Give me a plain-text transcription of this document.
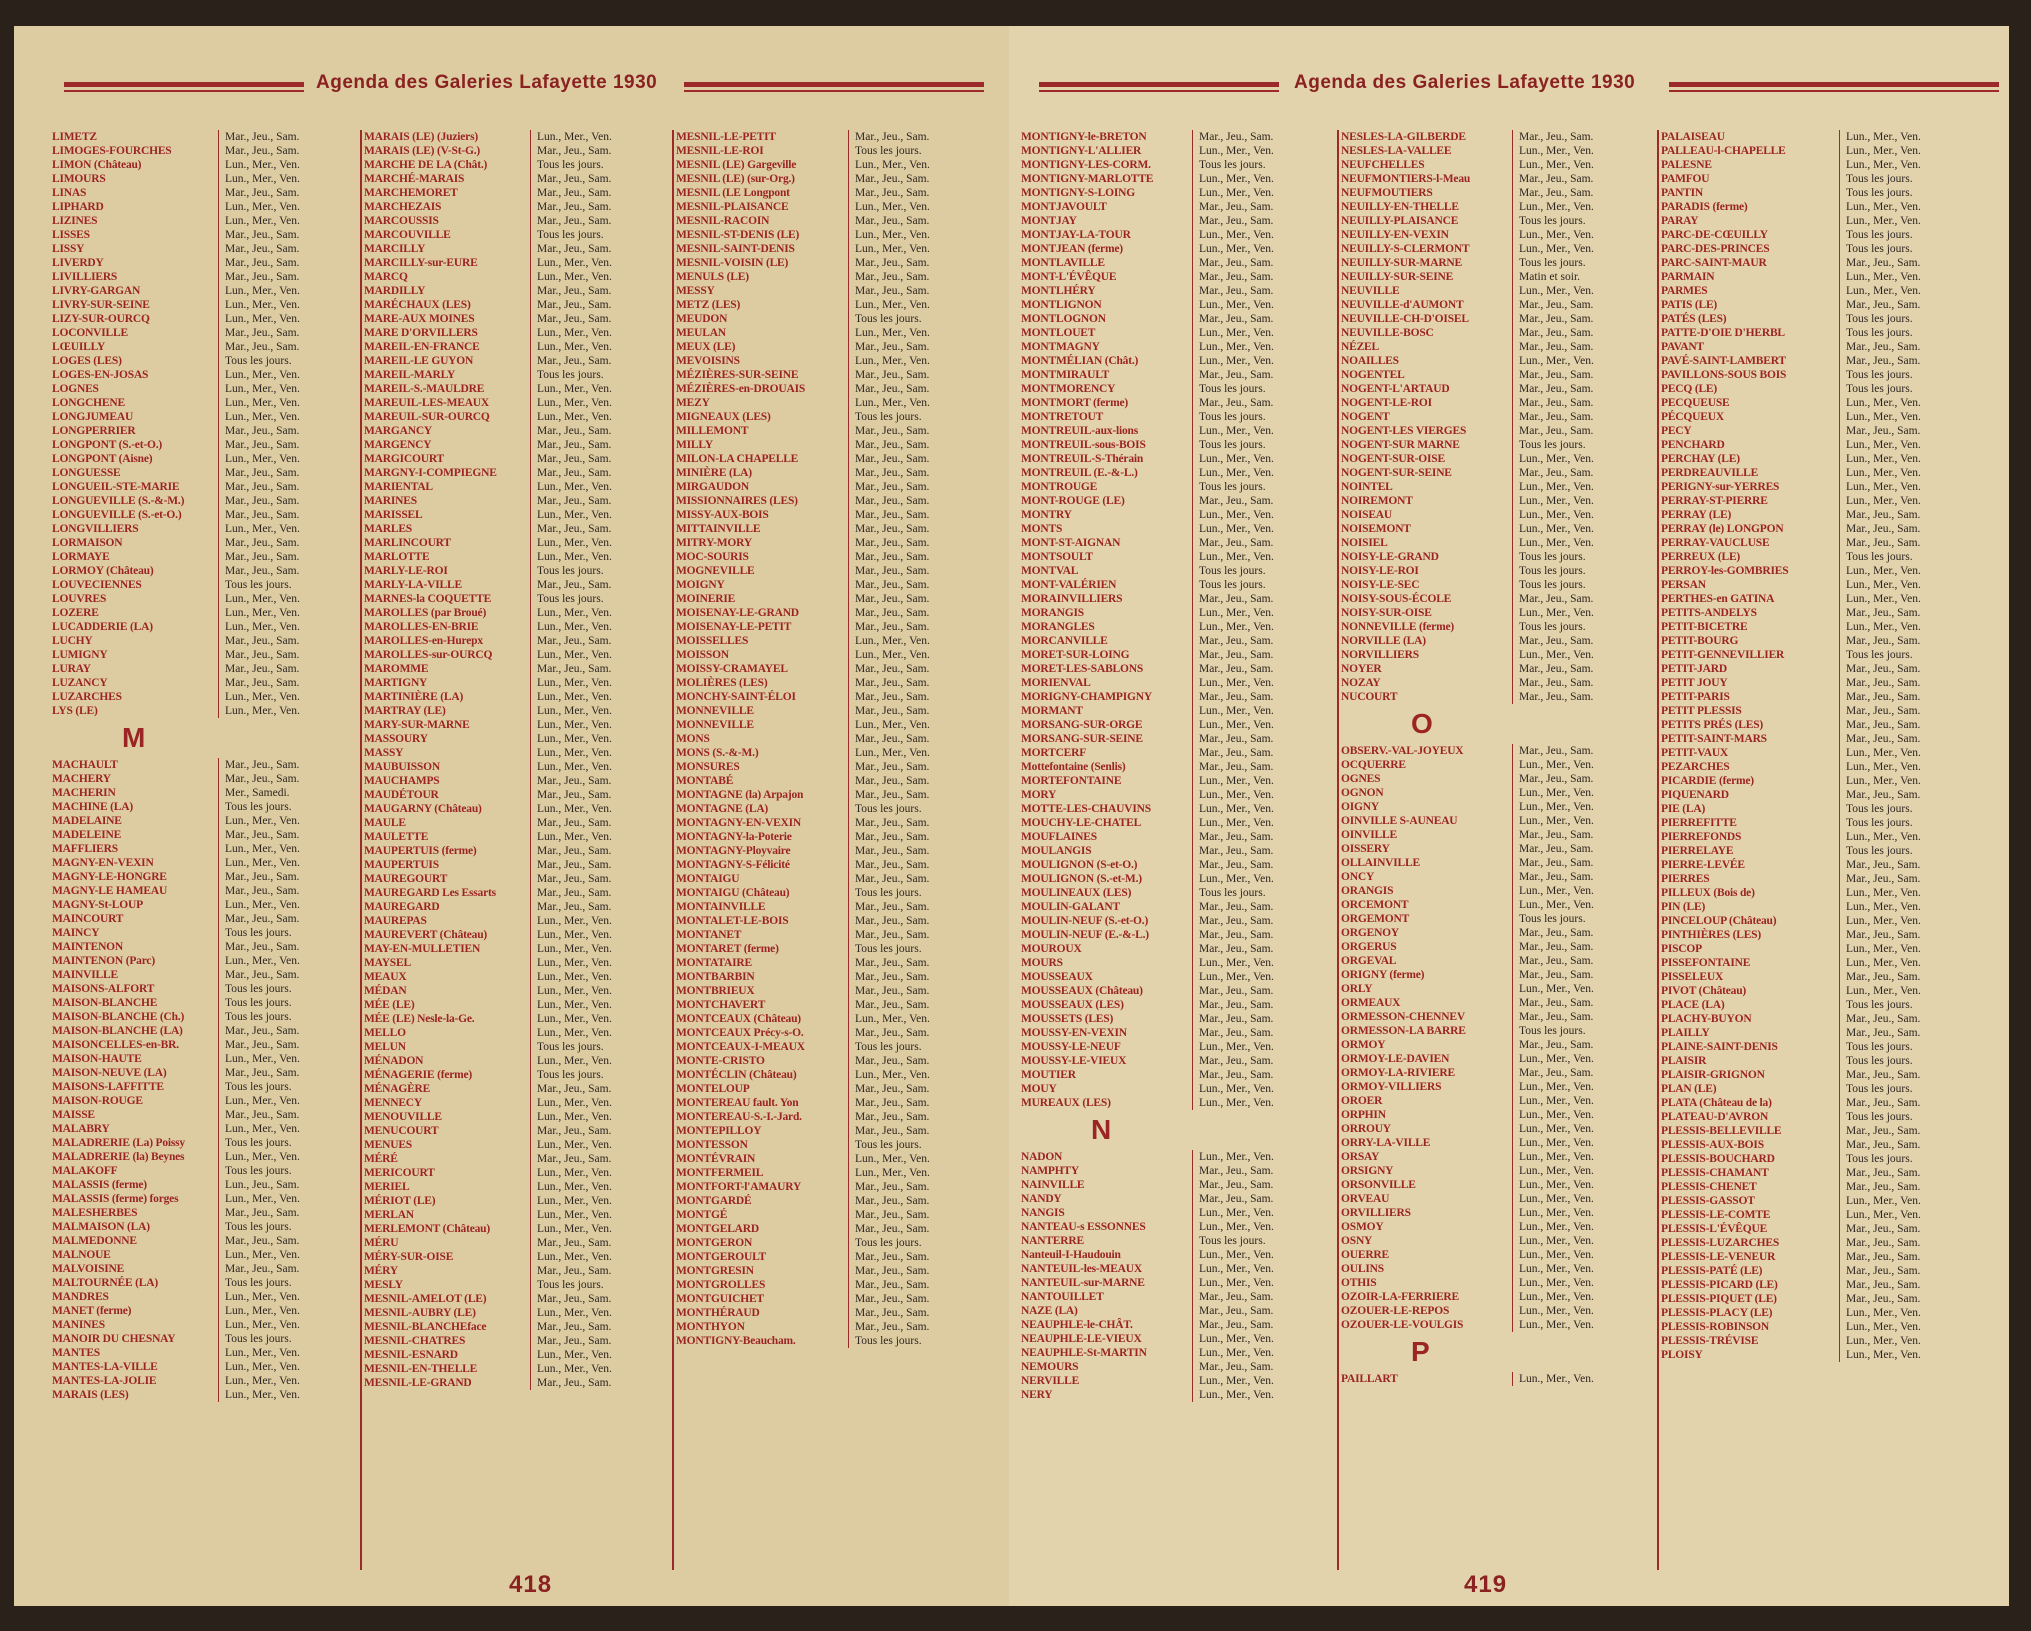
Agenda des Galeries Lafayette 1930
LIMETZ	Mar., Jeu., Sam.
LIMOGES-FOURCHES	Mar., Jeu., Sam.
LIMON (Château)	Lun., Mer., Ven.
LIMOURS	Lun., Mer., Ven.
LINAS	Mar., Jeu., Sam.
LIPHARD	Lun., Mer., Ven.
LIZINES	Lun., Mer., Ven.
LISSES	Mar., Jeu., Sam.
LISSY	Mar., Jeu., Sam.
LIVERDY	Mar., Jeu., Sam.
LIVILLIERS	Mar., Jeu., Sam.
LIVRY-GARGAN	Lun., Mer., Ven.
LIVRY-SUR-SEINE	Lun., Mer., Ven.
LIZY-SUR-OURCQ	Lun., Mer., Ven.
LOCONVILLE	Mar., Jeu., Sam.
LŒUILLY	Mar., Jeu., Sam.
LOGES (LES)	Tous les jours.
LOGES-EN-JOSAS	Lun., Mer., Ven.
LOGNES	Lun., Mer., Ven.
LONGCHENE	Lun., Mer., Ven.
LONGJUMEAU	Lun., Mer., Ven.
LONGPERRIER	Mar., Jeu., Sam.
LONGPONT (S.-et-O.)	Mar., Jeu., Sam.
LONGPONT (Aisne)	Lun., Mer., Ven.
LONGUESSE	Mar., Jeu., Sam.
LONGUEIL-STE-MARIE	Mar., Jeu., Sam.
LONGUEVILLE (S.-&-M.)	Mar., Jeu., Sam.
LONGUEVILLE (S.-et-O.)	Mar., Jeu., Sam.
LONGVILLIERS	Lun., Mer., Ven.
LORMAISON	Mar., Jeu., Sam.
LORMAYE	Mar., Jeu., Sam.
LORMOY (Château)	Mar., Jeu., Sam.
LOUVECIENNES	Tous les jours.
LOUVRES	Lun., Mer., Ven.
LOZERE	Lun., Mer., Ven.
LUCADDERIE (LA)	Lun., Mer., Ven.
LUCHY	Mar., Jeu., Sam.
LUMIGNY	Mar., Jeu., Sam.
LURAY	Mar., Jeu., Sam.
LUZANCY	Mar., Jeu., Sam.
LUZARCHES	Lun., Mer., Ven.
LYS (LE)	Lun., Mer., Ven.
M
MACHAULT	Mar., Jeu., Sam.
MACHERY	Mar., Jeu., Sam.
MACHERIN	Mer., Samedi.
MACHINE (LA)	Tous les jours.
MADELAINE	Lun., Mer., Ven.
MADELEINE	Mar., Jeu., Sam.
MAFFLIERS	Lun., Mer., Ven.
MAGNY-EN-VEXIN	Lun., Mer., Ven.
MAGNY-LE-HONGRE	Mar., Jeu., Sam.
MAGNY-LE HAMEAU	Mar., Jeu., Sam.
MAGNY-St-LOUP	Lun., Mer., Ven.
MAINCOURT	Mar., Jeu., Sam.
MAINCY	Tous les jours.
MAINTENON	Mar., Jeu., Sam.
MAINTENON (Parc)	Lun., Mer., Ven.
MAINVILLE	Mar., Jeu., Sam.
MAISONS-ALFORT	Tous les jours.
MAISON-BLANCHE	Tous les jours.
MAISON-BLANCHE (Ch.)	Tous les jours.
MAISON-BLANCHE (LA)	Mar., Jeu., Sam.
MAISONCELLES-en-BR.	Mar., Jeu., Sam.
MAISON-HAUTE	Lun., Mer., Ven.
MAISON-NEUVE (LA)	Mar., Jeu., Sam.
MAISONS-LAFFITTE	Tous les jours.
MAISON-ROUGE	Lun., Mer., Ven.
MAISSE	Mar., Jeu., Sam.
MALABRY	Lun., Mer., Ven.
MALADRERIE (La) Poissy	Tous les jours.
MALADRERIE (la) Beynes	Lun., Mer., Ven.
MALAKOFF	Tous les jours.
MALASSIS (ferme)	Lun., Jeu., Sam.
MALASSIS (ferme) forges	Lun., Mer., Ven.
MALESHERBES	Mar., Jeu., Sam.
MALMAISON (LA)	Tous les jours.
MALMEDONNE	Mar., Jeu., Sam.
MALNOUE	Lun., Mer., Ven.
MALVOISINE	Mar., Jeu., Sam.
MALTOURNÉE (LA)	Tous les jours.
MANDRES	Lun., Mer., Ven.
MANET (ferme)	Lun., Mer., Ven.
MANINES	Lun., Mer., Ven.
MANOIR DU CHESNAY	Tous les jours.
MANTES	Lun., Mer., Ven.
MANTES-LA-VILLE	Lun., Mer., Ven.
MANTES-LA-JOLIE	Lun., Mer., Ven.
MARAIS (LES)	Lun., Mer., Ven.
MARAIS (LE) (Juziers)	Lun., Mer., Ven.
MARAIS (LE) (V-St-G.)	Mar., Jeu., Sam.
MARCHE DE LA (Chât.)	Tous les jours.
MARCHÉ-MARAIS	Mar., Jeu., Sam.
MARCHEMORET	Mar., Jeu., Sam.
MARCHEZAIS	Mar., Jeu., Sam.
MARCOUSSIS	Mar., Jeu., Sam.
MARCOUVILLE	Tous les jours.
MARCILLY	Mar., Jeu., Sam.
MARCILLY-sur-EURE	Lun., Mer., Ven.
MARCQ	Lun., Mer., Ven.
MARDILLY	Mar., Jeu., Sam.
MARÉCHAUX (LES)	Mar., Jeu., Sam.
MARE-AUX MOINES	Mar., Jeu., Sam.
MARE D'ORVILLERS	Lun., Mer., Ven.
MAREIL-EN-FRANCE	Lun., Mer., Ven.
MAREIL-LE GUYON	Mar., Jeu., Sam.
MAREIL-MARLY	Tous les jours.
MAREIL-S.-MAULDRE	Lun., Mer., Ven.
MAREUIL-LES-MEAUX	Lun., Mer., Ven.
MAREUIL-SUR-OURCQ	Lun., Mer., Ven.
MARGANCY	Mar., Jeu., Sam.
MARGENCY	Mar., Jeu., Sam.
MARGICOURT	Mar., Jeu., Sam.
MARGNY-I-COMPIEGNE	Mar., Jeu., Sam.
MARIENTAL	Lun., Mer., Ven.
MARINES	Mar., Jeu., Sam.
MARISSEL	Lun., Mer., Ven.
MARLES	Mar., Jeu., Sam.
MARLINCOURT	Lun., Mer., Ven.
MARLOTTE	Lun., Mer., Ven.
MARLY-LE-ROI	Tous les jours.
MARLY-LA-VILLE	Mar., Jeu., Sam.
MARNES-la COQUETTE	Tous les jours.
MAROLLES (par Broué)	Lun., Mer., Ven.
MAROLLES-EN-BRIE	Lun., Mer., Ven.
MAROLLES-en-Hurepx	Mar., Jeu., Sam.
MAROLLES-sur-OURCQ	Lun., Mer., Ven.
MAROMME	Mar., Jeu., Sam.
MARTIGNY	Lun., Mer., Ven.
MARTINIÈRE (LA)	Lun., Mer., Ven.
MARTRAY (LE)	Lun., Mer., Ven.
MARY-SUR-MARNE	Lun., Mer., Ven.
MASSOURY	Lun., Mer., Ven.
MASSY	Lun., Mer., Ven.
MAUBUISSON	Lun., Mer., Ven.
MAUCHAMPS	Mar., Jeu., Sam.
MAUDÉTOUR	Mar., Jeu., Sam.
MAUGARNY (Château)	Lun., Mer., Ven.
MAULE	Mar., Jeu., Sam.
MAULETTE	Lun., Mer., Ven.
MAUPERTUIS (ferme)	Mar., Jeu., Sam.
MAUPERTUIS	Mar., Jeu., Sam.
MAUREGOURT	Mar., Jeu., Sam.
MAUREGARD Les Essarts	Mar., Jeu., Sam.
MAUREGARD	Mar., Jeu., Sam.
MAUREPAS	Lun., Mer., Ven.
MAUREVERT (Château)	Lun., Mer., Ven.
MAY-EN-MULLETIEN	Lun., Mer., Ven.
MAYSEL	Lun., Mer., Ven.
MEAUX	Lun., Mer., Ven.
MÉDAN	Lun., Mer., Ven.
MÉE (LE)	Lun., Mer., Ven.
MÉE (LE) Nesle-la-Ge.	Lun., Mer., Ven.
MELLO	Lun., Mer., Ven.
MELUN	Tous les jours.
MÉNADON	Lun., Mer., Ven.
MÉNAGERIE (ferme)	Tous les jours.
MÉNAGÈRE	Mar., Jeu., Sam.
MENNECY	Lun., Mer., Ven.
MENOUVILLE	Lun., Mer., Ven.
MENUCOURT	Mar., Jeu., Sam.
MENUES	Lun., Mer., Ven.
MÉRÉ	Mar., Jeu., Sam.
MERICOURT	Lun., Mer., Ven.
MERIEL	Lun., Mer., Ven.
MÉRIOT (LE)	Lun., Mer., Ven.
MERLAN	Lun., Mer., Ven.
MERLEMONT (Château)	Lun., Mer., Ven.
MÉRU	Mar., Jeu., Sam.
MÉRY-SUR-OISE	Lun., Mer., Ven.
MÉRY	Mar., Jeu., Sam.
MESLY	Tous les jours.
MESNIL-AMELOT (LE)	Mar., Jeu., Sam.
MESNIL-AUBRY (LE)	Lun., Mer., Ven.
MESNIL-BLANCHEface	Mar., Jeu., Sam.
MESNIL-CHATRES	Mar., Jeu., Sam.
MESNIL-ESNARD	Lun., Mer., Ven.
MESNIL-EN-THELLE	Lun., Mer., Ven.
MESNIL-LE-GRAND	Mar., Jeu., Sam.
MESNIL-LE-PETIT	Mar., Jeu., Sam.
MESNIL-LE-ROI	Tous les jours.
MESNIL (LE) Gargeville	Lun., Mer., Ven.
MESNIL (LE) (sur-Org.)	Mar., Jeu., Sam.
MESNIL (LE Longpont	Mar., Jeu., Sam.
MESNIL-PLAISANCE	Lun., Mer., Ven.
MESNIL-RACOIN	Mar., Jeu., Sam.
MESNIL-ST-DENIS (LE)	Lun., Mer., Ven.
MESNIL-SAINT-DENIS	Lun., Mer., Ven.
MESNIL-VOISIN (LE)	Mar., Jeu., Sam.
MENULS (LE)	Mar., Jeu., Sam.
MESSY	Mar., Jeu., Sam.
METZ (LES)	Lun., Mer., Ven.
MEUDON	Tous les jours.
MEULAN	Lun., Mer., Ven.
MEUX (LE)	Mar., Jeu., Sam.
MEVOISINS	Lun., Mer., Ven.
MÉZIÈRES-SUR-SEINE	Mar., Jeu., Sam.
MÉZIÈRES-en-DROUAIS	Mar., Jeu., Sam.
MEZY	Lun., Mer., Ven.
MIGNEAUX (LES)	Tous les jours.
MILLEMONT	Mar., Jeu., Sam.
MILLY	Mar., Jeu., Sam.
MILON-LA CHAPELLE	Mar., Jeu., Sam.
MINIÈRE (LA)	Mar., Jeu., Sam.
MIRGAUDON	Mar., Jeu., Sam.
MISSIONNAIRES (LES)	Mar., Jeu., Sam.
MISSY-AUX-BOIS	Mar., Jeu., Sam.
MITTAINVILLE	Mar., Jeu., Sam.
MITRY-MORY	Mar., Jeu., Sam.
MOC-SOURIS	Mar., Jeu., Sam.
MOGNEVILLE	Mar., Jeu., Sam.
MOIGNY	Mar., Jeu., Sam.
MOINERIE	Mar., Jeu., Sam.
MOISENAY-LE-GRAND	Mar., Jeu., Sam.
MOISENAY-LE-PETIT	Mar., Jeu., Sam.
MOISSELLES	Lun., Mer., Ven.
MOISSON	Lun., Mer., Ven.
MOISSY-CRAMAYEL	Mar., Jeu., Sam.
MOLIÈRES (LES)	Mar., Jeu., Sam.
MONCHY-SAINT-ÉLOI	Mar., Jeu., Sam.
MONNEVILLE	Mar., Jeu., Sam.
MONNEVILLE	Lun., Mer., Ven.
MONS	Mar., Jeu., Sam.
MONS (S.-&-M.)	Lun., Mer., Ven.
MONSURES	Mar., Jeu., Sam.
MONTABÉ	Mar., Jeu., Sam.
MONTAGNE (la) Arpajon	Mar., Jeu., Sam.
MONTAGNE (LA)	Tous les jours.
MONTAGNY-EN-VEXIN	Mar., Jeu., Sam.
MONTAGNY-la-Poterie	Mar., Jeu., Sam.
MONTAGNY-Ployvaire	Mar., Jeu., Sam.
MONTAGNY-S-Félicité	Mar., Jeu., Sam.
MONTAIGU	Mar., Jeu., Sam.
MONTAIGU (Château)	Tous les jours.
MONTAINVILLE	Mar., Jeu., Sam.
MONTALET-LE-BOIS	Mar., Jeu., Sam.
MONTANET	Mar., Jeu., Sam.
MONTARET (ferme)	Tous les jours.
MONTATAIRE	Mar., Jeu., Sam.
MONTBARBIN	Mar., Jeu., Sam.
MONTBRIEUX	Mar., Jeu., Sam.
MONTCHAVERT	Mar., Jeu., Sam.
MONTCEAUX (Château)	Lun., Mer., Ven.
MONTCEAUX Précy-s-O.	Mar., Jeu., Sam.
MONTCEAUX-I-MEAUX	Tous les jours.
MONTE-CRISTO	Mar., Jeu., Sam.
MONTÉCLIN (Château)	Lun., Mer., Ven.
MONTELOUP	Mar., Jeu., Sam.
MONTEREAU fault. Yon	Mar., Jeu., Sam.
MONTEREAU-S.-I.-Jard.	Mar., Jeu., Sam.
MONTEPILLOY	Mar., Jeu., Sam.
MONTESSON	Tous les jours.
MONTÉVRAIN	Lun., Mer., Ven.
MONTFERMEIL	Lun., Mer., Ven.
MONTFORT-l'AMAURY	Mar., Jeu., Sam.
MONTGARDÉ	Mar., Jeu., Sam.
MONTGÉ	Mar., Jeu., Sam.
MONTGELARD	Mar., Jeu., Sam.
MONTGERON	Tous les jours.
MONTGEROULT	Mar., Jeu., Sam.
MONTGRESIN	Mar., Jeu., Sam.
MONTGROLLES	Mar., Jeu., Sam.
MONTGUICHET	Mar., Jeu., Sam.
MONTHÉRAUD	Mar., Jeu., Sam.
MONTHYON	Mar., Jeu., Sam.
MONTIGNY-Beaucham.	Tous les jours.
418
Agenda des Galeries Lafayette 1930
MONTIGNY-le-BRETON	Mar., Jeu., Sam.
MONTIGNY-L'ALLIER	Lun., Mer., Ven.
MONTIGNY-LES-CORM.	Tous les jours.
MONTIGNY-MARLOTTE	Lun., Mer., Ven.
MONTIGNY-S-LOING	Lun., Mer., Ven.
MONTJAVOULT	Mar., Jeu., Sam.
MONTJAY	Mar., Jeu., Sam.
MONTJAY-LA-TOUR	Lun., Mer., Ven.
MONTJEAN (ferme)	Lun., Mer., Ven.
MONTLAVILLE	Mar., Jeu., Sam.
MONT-L'ÉVÊQUE	Mar., Jeu., Sam.
MONTLHÉRY	Mar., Jeu., Sam.
MONTLIGNON	Lun., Mer., Ven.
MONTLOGNON	Mar., Jeu., Sam.
MONTLOUET	Lun., Mer., Ven.
MONTMAGNY	Lun., Mer., Ven.
MONTMÉLIAN (Chât.)	Lun., Mer., Ven.
MONTMIRAULT	Mar., Jeu., Sam.
MONTMORENCY	Tous les jours.
MONTMORT (ferme)	Mar., Jeu., Sam.
MONTRETOUT	Tous les jours.
MONTREUIL-aux-lions	Lun., Mer., Ven.
MONTREUIL-sous-BOIS	Tous les jours.
MONTREUIL-S-Thérain	Lun., Mer., Ven.
MONTREUIL (E.-&-L.)	Lun., Mer., Ven.
MONTROUGE	Tous les jours.
MONT-ROUGE (LE)	Mar., Jeu., Sam.
MONTRY	Lun., Mer., Ven.
MONTS	Lun., Mer., Ven.
MONT-ST-AIGNAN	Mar., Jeu., Sam.
MONTSOULT	Lun., Mer., Ven.
MONTVAL	Tous les jours.
MONT-VALÉRIEN	Tous les jours.
MORAINVILLIERS	Mar., Jeu., Sam.
MORANGIS	Lun., Mer., Ven.
MORANGLES	Lun., Mer., Ven.
MORCANVILLE	Mar., Jeu., Sam.
MORET-SUR-LOING	Mar., Jeu., Sam.
MORET-LES-SABLONS	Mar., Jeu., Sam.
MORIENVAL	Lun., Mer., Ven.
MORIGNY-CHAMPIGNY	Mar., Jeu., Sam.
MORMANT	Lun., Mer., Ven.
MORSANG-SUR-ORGE	Lun., Mer., Ven.
MORSANG-SUR-SEINE	Mar., Jeu., Sam.
MORTCERF	Mar., Jeu., Sam.
Mottefontaine (Senlis)	Mar., Jeu., Sam.
MORTEFONTAINE	Lun., Mer., Ven.
MORY	Lun., Mer., Ven.
MOTTE-LES-CHAUVINS	Lun., Mer., Ven.
MOUCHY-LE-CHATEL	Lun., Mer., Ven.
MOUFLAINES	Mar., Jeu., Sam.
MOULANGIS	Mar., Jeu., Sam.
MOULIGNON (S-et-O.)	Mar., Jeu., Sam.
MOULIGNON (S.-et-M.)	Lun., Mer., Ven.
MOULINEAUX (LES)	Tous les jours.
MOULIN-GALANT	Mar., Jeu., Sam.
MOULIN-NEUF (S.-et-O.)	Mar., Jeu., Sam.
MOULIN-NEUF (E.-&-L.)	Mar., Jeu., Sam.
MOUROUX	Mar., Jeu., Sam.
MOURS	Lun., Mer., Ven.
MOUSSEAUX	Lun., Mer., Ven.
MOUSSEAUX (Château)	Mar., Jeu., Sam.
MOUSSEAUX (LES)	Mar., Jeu., Sam.
MOUSSETS (LES)	Mar., Jeu., Sam.
MOUSSY-EN-VEXIN	Mar., Jeu., Sam.
MOUSSY-LE-NEUF	Lun., Mer., Ven.
MOUSSY-LE-VIEUX	Mar., Jeu., Sam.
MOUTIER	Mar., Jeu., Sam.
MOUY	Lun., Mer., Ven.
MUREAUX (LES)	Lun., Mer., Ven.
N
NADON	Lun., Mer., Ven.
NAMPHTY	Mar., Jeu., Sam.
NAINVILLE	Mar., Jeu., Sam.
NANDY	Mar., Jeu., Sam.
NANGIS	Lun., Mer., Ven.
NANTEAU-s ESSONNES	Lun., Mer., Ven.
NANTERRE	Tous les jours.
Nanteuil-I-Haudouin	Lun., Mer., Ven.
NANTEUIL-les-MEAUX	Lun., Mer., Ven.
NANTEUIL-sur-MARNE	Lun., Mer., Ven.
NANTOUILLET	Mar., Jeu., Sam.
NAZE (LA)	Mar., Jeu., Sam.
NEAUPHLE-le-CHÂT.	Mar., Jeu., Sam.
NEAUPHLE-LE-VIEUX	Lun., Mer., Ven.
NEAUPHLE-St-MARTIN	Lun., Mer., Ven.
NEMOURS	Mar., Jeu., Sam.
NERVILLE	Lun., Mer., Ven.
NERY	Lun., Mer., Ven.
NESLES-LA-GILBERDE	Mar., Jeu., Sam.
NESLES-LA-VALLEE	Lun., Mer., Ven.
NEUFCHELLES	Lun., Mer., Ven.
NEUFMONTIERS-l-Meau	Mar., Jeu., Sam.
NEUFMOUTIERS	Mar., Jeu., Sam.
NEUILLY-EN-THELLE	Lun., Mer., Ven.
NEUILLY-PLAISANCE	Tous les jours.
NEUILLY-EN-VEXIN	Lun., Mer., Ven.
NEUILLY-S-CLERMONT	Lun., Mer., Ven.
NEUILLY-SUR-MARNE	Tous les jours.
NEUILLY-SUR-SEINE	Matin et soir.
NEUVILLE	Lun., Mer., Ven.
NEUVILLE-d'AUMONT	Mar., Jeu., Sam.
NEUVILLE-CH-D'OISEL	Mar., Jeu., Sam.
NEUVILLE-BOSC	Mar., Jeu., Sam.
NÉZEL	Mar., Jeu., Sam.
NOAILLES	Lun., Mer., Ven.
NOGENTEL	Mar., Jeu., Sam.
NOGENT-L'ARTAUD	Mar., Jeu., Sam.
NOGENT-LE-ROI	Mar., Jeu., Sam.
NOGENT	Mar., Jeu., Sam.
NOGENT-LES VIERGES	Mar., Jeu., Sam.
NOGENT-SUR MARNE	Tous les jours.
NOGENT-SUR-OISE	Lun., Mer., Ven.
NOGENT-SUR-SEINE	Mar., Jeu., Sam.
NOINTEL	Lun., Mer., Ven.
NOIREMONT	Lun., Mer., Ven.
NOISEAU	Lun., Mer., Ven.
NOISEMONT	Lun., Mer., Ven.
NOISIEL	Lun., Mer., Ven.
NOISY-LE-GRAND	Tous les jours.
NOISY-LE-ROI	Tous les jours.
NOISY-LE-SEC	Tous les jours.
NOISY-SOUS-ÉCOLE	Mar., Jeu., Sam.
NOISY-SUR-OISE	Lun., Mer., Ven.
NONNEVILLE (ferme)	Tous les jours.
NORVILLE (LA)	Mar., Jeu., Sam.
NORVILLIERS	Lun., Mer., Ven.
NOYER	Mar., Jeu., Sam.
NOZAY	Mar., Jeu., Sam.
NUCOURT	Mar., Jeu., Sam.
O
OBSERV.-VAL-JOYEUX	Mar., Jeu., Sam.
OCQUERRE	Lun., Mer., Ven.
OGNES	Mar., Jeu., Sam.
OGNON	Lun., Mer., Ven.
OIGNY	Lun., Mer., Ven.
OINVILLE S-AUNEAU	Lun., Mer., Ven.
OINVILLE	Mar., Jeu., Sam.
OISSERY	Mar., Jeu., Sam.
OLLAINVILLE	Mar., Jeu., Sam.
ONCY	Mar., Jeu., Sam.
ORANGIS	Lun., Mer., Ven.
ORCEMONT	Lun., Mer., Ven.
ORGEMONT	Tous les jours.
ORGENOY	Mar., Jeu., Sam.
ORGERUS	Mar., Jeu., Sam.
ORGEVAL	Mar., Jeu., Sam.
ORIGNY (ferme)	Mar., Jeu., Sam.
ORLY	Lun., Mer., Ven.
ORMEAUX	Mar., Jeu., Sam.
ORMESSON-CHENNEV	Mar., Jeu., Sam.
ORMESSON-LA BARRE	Tous les jours.
ORMOY	Mar., Jeu., Sam.
ORMOY-LE-DAVIEN	Lun., Mer., Ven.
ORMOY-LA-RIVIERE	Mar., Jeu., Sam.
ORMOY-VILLIERS	Lun., Mer., Ven.
OROER	Lun., Mer., Ven.
ORPHIN	Lun., Mer., Ven.
ORROUY	Lun., Mer., Ven.
ORRY-LA-VILLE	Lun., Mer., Ven.
ORSAY	Lun., Mer., Ven.
ORSIGNY	Lun., Mer., Ven.
ORSONVILLE	Lun., Mer., Ven.
ORVEAU	Lun., Mer., Ven.
ORVILLIERS	Lun., Mer., Ven.
OSMOY	Lun., Mer., Ven.
OSNY	Lun., Mer., Ven.
OUERRE	Lun., Mer., Ven.
OULINS	Lun., Mer., Ven.
OTHIS	Lun., Mer., Ven.
OZOIR-LA-FERRIERE	Lun., Mer., Ven.
OZOUER-LE-REPOS	Lun., Mer., Ven.
OZOUER-LE-VOULGIS	Lun., Mer., Ven.
P
PAILLART	Lun., Mer., Ven.
PALAISEAU	Lun., Mer., Ven.
PALLEAU-l-CHAPELLE	Lun., Mer., Ven.
PALESNE	Lun., Mer., Ven.
PAMFOU	Tous les jours.
PANTIN	Tous les jours.
PARADIS (ferme)	Lun., Mer., Ven.
PARAY	Lun., Mer., Ven.
PARC-DE-CŒUILLY	Tous les jours.
PARC-DES-PRINCES	Tous les jours.
PARC-SAINT-MAUR	Mar., Jeu., Sam.
PARMAIN	Lun., Mer., Ven.
PARMES	Lun., Mer., Ven.
PATIS (LE)	Mar., Jeu., Sam.
PATÉS (LES)	Tous les jours.
PATTE-D'OIE D'HERBL	Tous les jours.
PAVANT	Mar., Jeu., Sam.
PAVÉ-SAINT-LAMBERT	Mar., Jeu., Sam.
PAVILLONS-SOUS BOIS	Tous les jours.
PECQ (LE)	Tous les jours.
PECQUEUSE	Lun., Mer., Ven.
PÉCQUEUX	Lun., Mer., Ven.
PECY	Mar., Jeu., Sam.
PENCHARD	Lun., Mer., Ven.
PERCHAY (LE)	Lun., Mer., Ven.
PERDREAUVILLE	Lun., Mer., Ven.
PERIGNY-sur-YERRES	Lun., Mer., Ven.
PERRAY-ST-PIERRE	Lun., Mer., Ven.
PERRAY (LE)	Mar., Jeu., Sam.
PERRAY (le) LONGPON	Mar., Jeu., Sam.
PERRAY-VAUCLUSE	Mar., Jeu., Sam.
PERREUX (LE)	Tous les jours.
PERROY-les-GOMBRIES	Lun., Mer., Ven.
PERSAN	Lun., Mer., Ven.
PERTHES-en GATINA	Lun., Mer., Ven.
PETITS-ANDELYS	Mar., Jeu., Sam.
PETIT-BICETRE	Lun., Mer., Ven.
PETIT-BOURG	Mar., Jeu., Sam.
PETIT-GENNEVILLIER	Tous les jours.
PETIT-JARD	Mar., Jeu., Sam.
PETIT JOUY	Mar., Jeu., Sam.
PETIT-PARIS	Mar., Jeu., Sam.
PETIT PLESSIS	Mar., Jeu., Sam.
PETITS PRÉS (LES)	Mar., Jeu., Sam.
PETIT-SAINT-MARS	Mar., Jeu., Sam.
PETIT-VAUX	Lun., Mer., Ven.
PEZARCHES	Lun., Mer., Ven.
PICARDIE (ferme)	Lun., Mer., Ven.
PIQUENARD	Mar., Jeu., Sam.
PIE (LA)	Tous les jours.
PIERREFITTE	Tous les jours.
PIERREFONDS	Lun., Mer., Ven.
PIERRELAYE	Tous les jours.
PIERRE-LEVÉE	Mar., Jeu., Sam.
PIERRES	Mar., Jeu., Sam.
PILLEUX (Bois de)	Lun., Mer., Ven.
PIN (LE)	Lun., Mer., Ven.
PINCELOUP (Château)	Lun., Mer., Ven.
PINTHIÈRES (LES)	Mar., Jeu., Sam.
PISCOP	Lun., Mer., Ven.
PISSEFONTAINE	Lun., Mer., Ven.
PISSELEUX	Mar., Jeu., Sam.
PIVOT (Château)	Lun., Mer., Ven.
PLACE (LA)	Tous les jours.
PLACHY-BUYON	Mar., Jeu., Sam.
PLAILLY	Mar., Jeu., Sam.
PLAINE-SAINT-DENIS	Tous les jours.
PLAISIR	Tous les jours.
PLAISIR-GRIGNON	Mar., Jeu., Sam.
PLAN (LE)	Tous les jours.
PLATA (Château de la)	Mar., Jeu., Sam.
PLATEAU-D'AVRON	Tous les jours.
PLESSIS-BELLEVILLE	Mar., Jeu., Sam.
PLESSIS-AUX-BOIS	Mar., Jeu., Sam.
PLESSIS-BOUCHARD	Tous les jours.
PLESSIS-CHAMANT	Mar., Jeu., Sam.
PLESSIS-CHENET	Mar., Jeu., Sam.
PLESSIS-GASSOT	Lun., Mer., Ven.
PLESSIS-LE-COMTE	Lun., Mer., Ven.
PLESSIS-L'ÉVÊQUE	Mar., Jeu., Sam.
PLESSIS-LUZARCHES	Mar., Jeu., Sam.
PLESSIS-LE-VENEUR	Mar., Jeu., Sam.
PLESSIS-PATÉ (LE)	Mar., Jeu., Sam.
PLESSIS-PICARD (LE)	Mar., Jeu., Sam.
PLESSIS-PIQUET (LE)	Mar., Jeu., Sam.
PLESSIS-PLACY (LE)	Lun., Mer., Ven.
PLESSIS-ROBINSON	Lun., Mer., Ven.
PLESSIS-TRÉVISE	Lun., Mer., Ven.
PLOISY	Lun., Mer., Ven.
419
